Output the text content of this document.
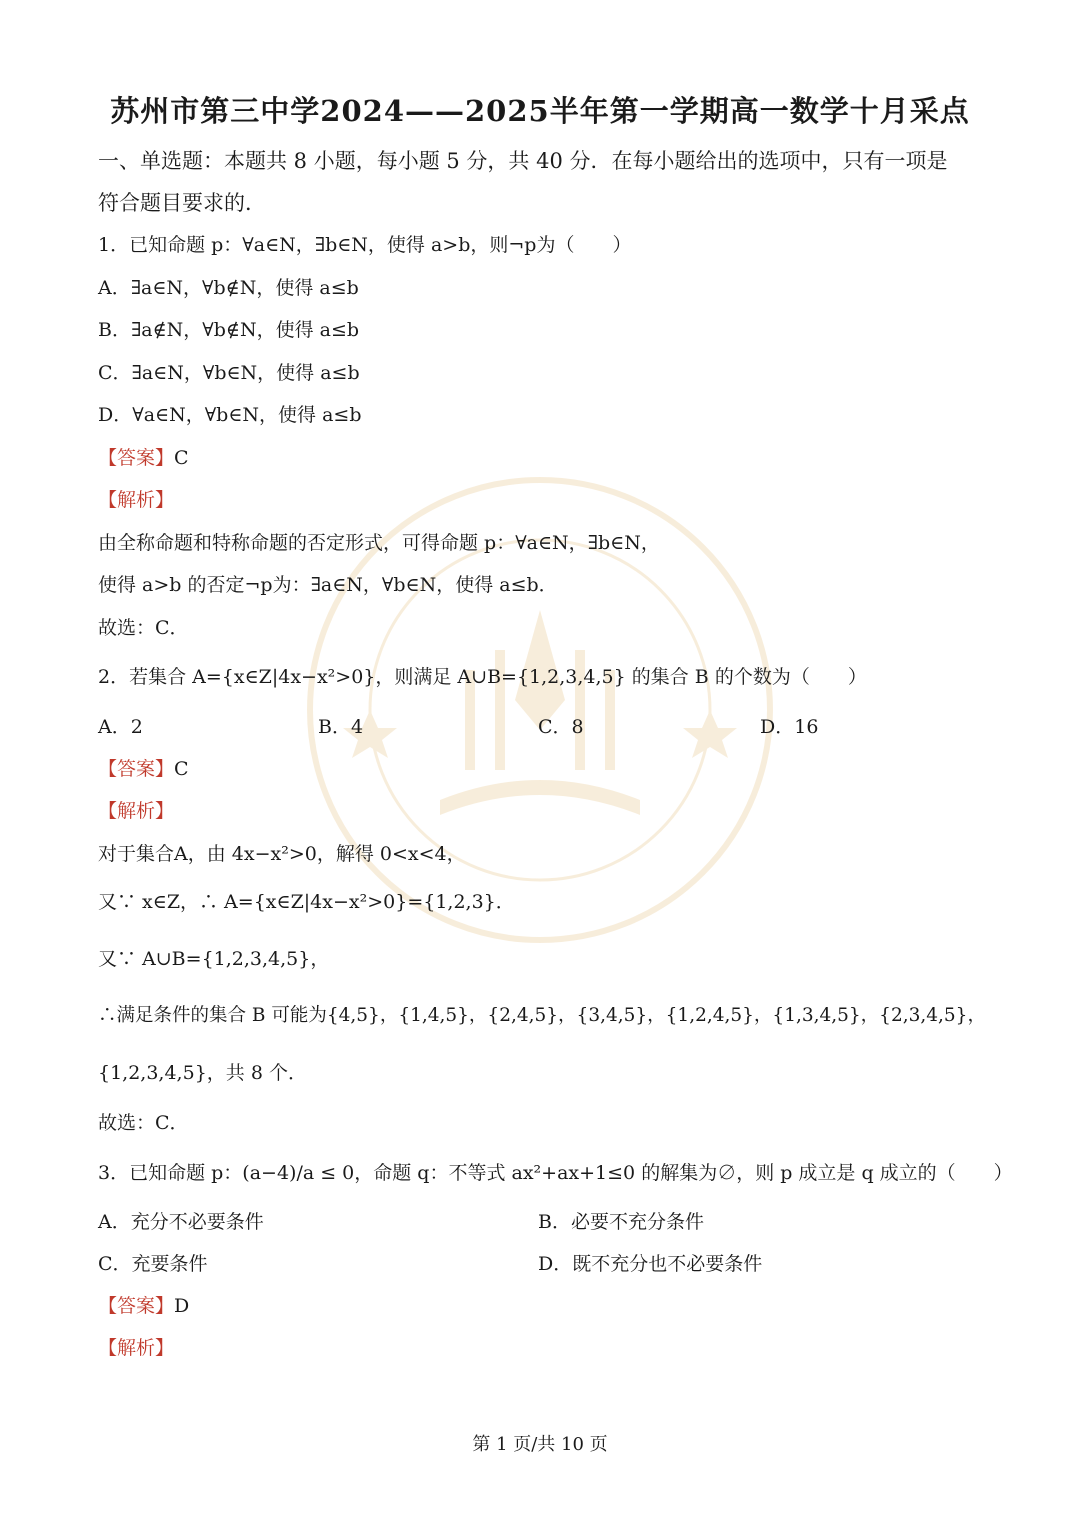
苏州市第三中学2024——2025半年第一学期高一数学十月采点
一、单选题：本题共 8 小题，每小题 5 分，共 40 分．在每小题给出的选项中，只有一项是
符合题目要求的．
1．已知命题 p：∀a∈N，∃b∈N，使得 a>b，则¬p为（　　）
A．∃a∈N，∀b∉N，使得 a≤b
B．∃a∉N，∀b∉N，使得 a≤b
C．∃a∈N，∀b∈N，使得 a≤b
D．∀a∈N，∀b∈N，使得 a≤b
【答案】C
【解析】
由全称命题和特称命题的否定形式，可得命题 p：∀a∈N，∃b∈N，
使得 a>b 的否定¬p为：∃a∈N，∀b∈N，使得 a≤b．
故选：C．
2．若集合 A={x∈Z|4x−x²>0}，则满足 A∪B={1,2,3,4,5} 的集合 B 的个数为（　　）
A．2	B．4	C．8	D．16
【答案】C
【解析】
对于集合A，由 4x−x²>0，解得 0<x<4，
又∵ x∈Z，∴ A={x∈Z|4x−x²>0}={1,2,3}．
又∵ A∪B={1,2,3,4,5}，
∴满足条件的集合 B 可能为{4,5}，{1,4,5}，{2,4,5}，{3,4,5}，{1,2,4,5}，{1,3,4,5}，{2,3,4,5}，
{1,2,3,4,5}，共 8 个．
故选：C．
3．已知命题 p：(a−4)/a ≤ 0，命题 q：不等式 ax²+ax+1≤0 的解集为∅，则 p 成立是 q 成立的（　　）
A．充分不必要条件	B．必要不充分条件
C．充要条件	D．既不充分也不必要条件
【答案】D
【解析】
第 1 页/共 10 页
